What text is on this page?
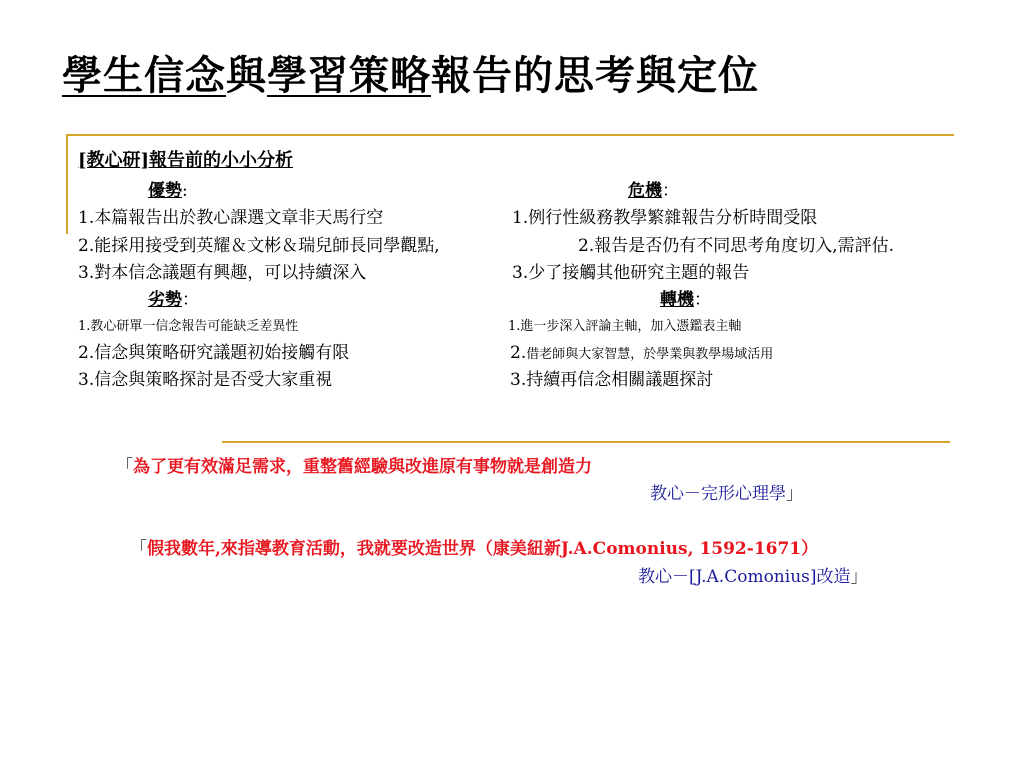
學生信念與學習策略報告的思考與定位
[教心研]報告前的小小分析
優勢:	危機：
1.本篇報告出於教心課選文章非天馬行空	1.例行性級務教學繁雜報告分析時間受限
2.能採用接受到英耀＆文彬＆瑞兒師長同學觀點,	2.報告是否仍有不同思考角度切入,需評估.
3.對本信念議題有興趣，可以持續深入	3.少了接觸其他研究主題的報告
劣勢：	轉機：
1.教心研單一信念報告可能缺乏差異性	1.進一步深入評論主軸，加入憑鑑表主軸
2.信念與策略研究議題初始接觸有限	2.借老師與大家智慧，於學業與教學場域活用
3.信念與策略探討是否受大家重視	3.持續再信念相關議題探討
「為了更有效滿足需求，重整舊經驗與改進原有事物就是創造力
教心－完形心理學」
「假我數年,來指導教育活動，我就要改造世界（康美紐新J.A.Comonius, 1592-1671）
教心－[J.A.Comonius]改造」
